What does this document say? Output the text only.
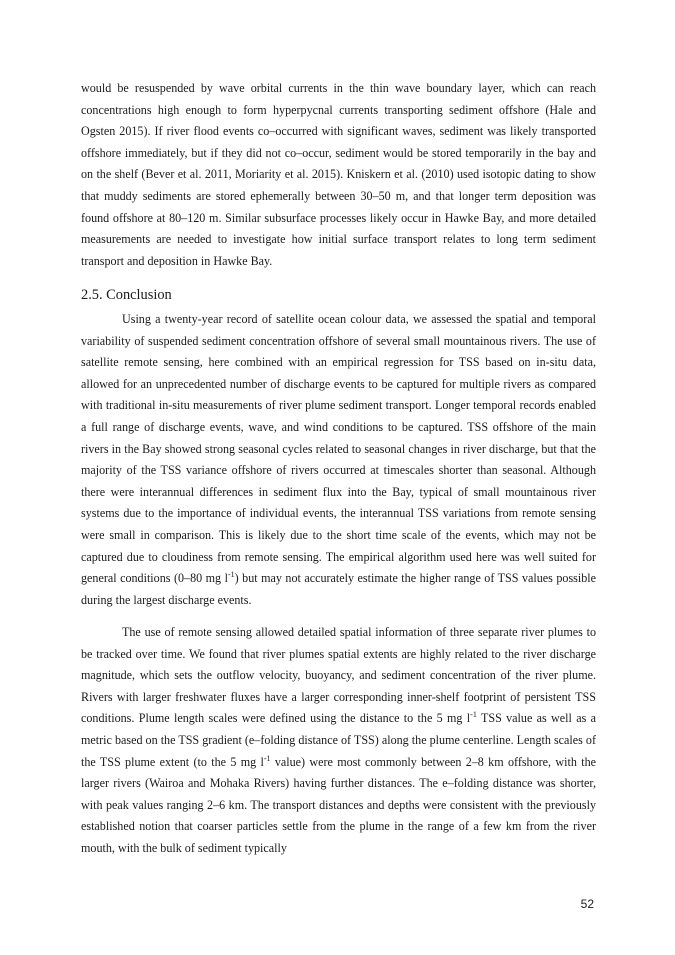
would be resuspended by wave orbital currents in the thin wave boundary layer, which can reach concentrations high enough to form hyperpycnal currents transporting sediment offshore (Hale and Ogsten 2015). If river flood events co–occurred with significant waves, sediment was likely transported offshore immediately, but if they did not co–occur, sediment would be stored temporarily in the bay and on the shelf (Bever et al. 2011, Moriarity et al. 2015). Kniskern et al. (2010) used isotopic dating to show that muddy sediments are stored ephemerally between 30–50 m, and that longer term deposition was found offshore at 80–120 m. Similar subsurface processes likely occur in Hawke Bay, and more detailed measurements are needed to investigate how initial surface transport relates to long term sediment transport and deposition in Hawke Bay.

2.5. Conclusion

Using a twenty-year record of satellite ocean colour data, we assessed the spatial and temporal variability of suspended sediment concentration offshore of several small mountainous rivers. The use of satellite remote sensing, here combined with an empirical regression for TSS based on in-situ data, allowed for an unprecedented number of discharge events to be captured for multiple rivers as compared with traditional in-situ measurements of river plume sediment transport. Longer temporal records enabled a full range of discharge events, wave, and wind conditions to be captured. TSS offshore of the main rivers in the Bay showed strong seasonal cycles related to seasonal changes in river discharge, but that the majority of the TSS variance offshore of rivers occurred at timescales shorter than seasonal. Although there were interannual differences in sediment flux into the Bay, typical of small mountainous river systems due to the importance of individual events, the interannual TSS variations from remote sensing were small in comparison. This is likely due to the short time scale of the events, which may not be captured due to cloudiness from remote sensing. The empirical algorithm used here was well suited for general conditions (0–80 mg $l^{-1}$) but may not accurately estimate the higher range of TSS values possible during the largest discharge events.

The use of remote sensing allowed detailed spatial information of three separate river plumes to be tracked over time. We found that river plumes spatial extents are highly related to the river discharge magnitude, which sets the outflow velocity, buoyancy, and sediment concentration of the river plume. Rivers with larger freshwater fluxes have a larger corresponding inner-shelf footprint of persistent TSS conditions. Plume length scales were defined using the distance to the 5 mg $l^{-1}$ TSS value as well as a metric based on the TSS gradient (e–folding distance of TSS) along the plume centerline. Length scales of the TSS plume extent (to the 5 mg $l^{-1}$ value) were most commonly between 2–8 km offshore, with the larger rivers (Wairoa and Mohaka Rivers) having further distances. The e–folding distance was shorter, with peak values ranging 2–6 km. The transport distances and depths were consistent with the previously established notion that coarser particles settle from the plume in the range of a few km from the river mouth, with the bulk of sediment typically

52
